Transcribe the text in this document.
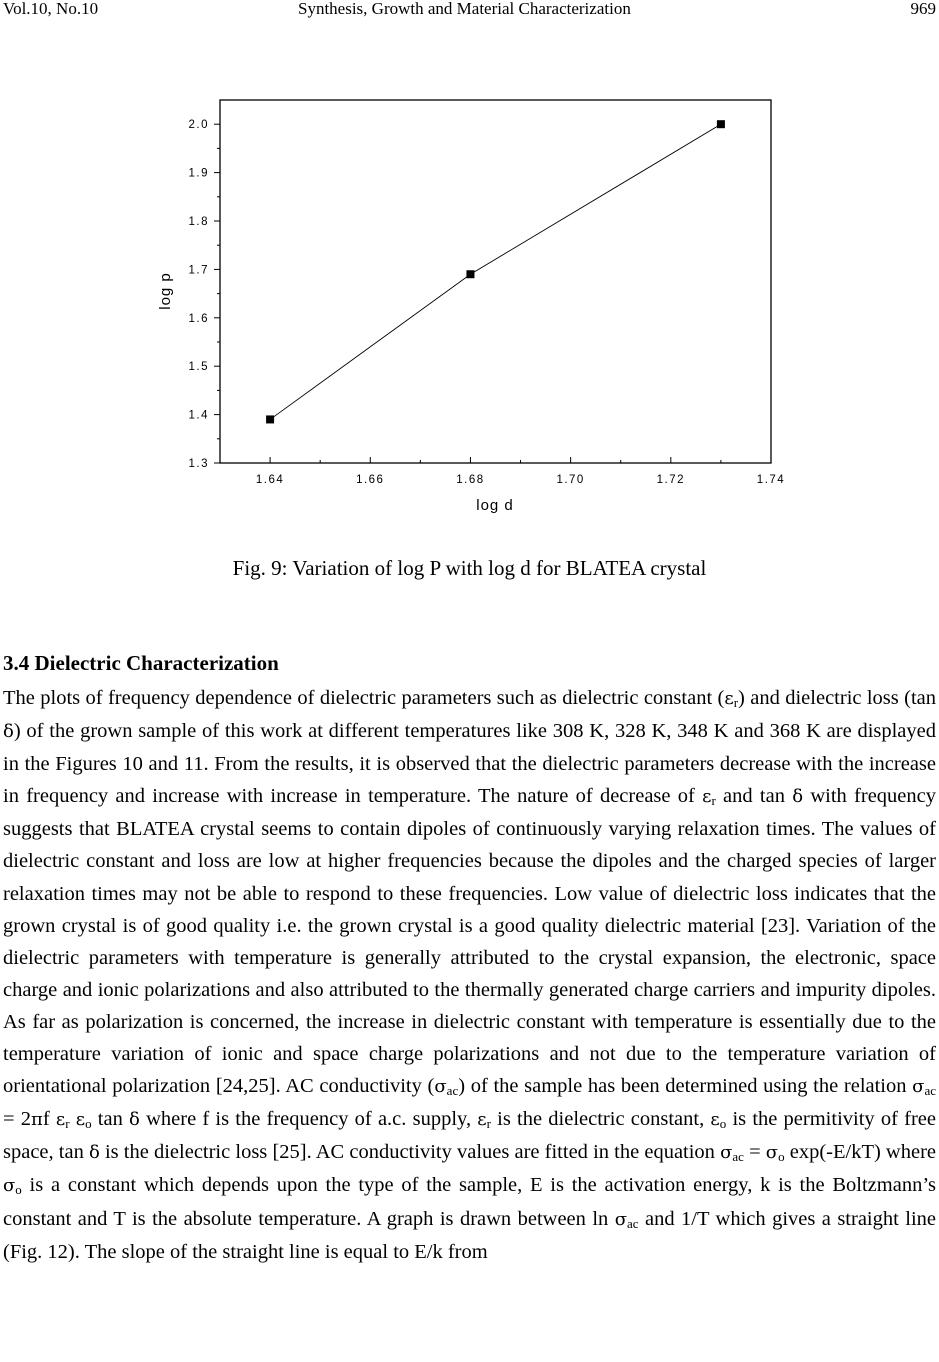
Vol.10, No.10	Synthesis, Growth and Material Characterization	969
1.64	1.66	1.68	1.70	1.72	1.74
1.3
1.4
1.5
1.6
1.7
1.8
1.9
2.0
log d
log p
Fig. 9: Variation of log P with log d for BLATEA crystal
3.4 Dielectric Characterization

The plots of frequency dependence of dielectric parameters such as dielectric constant $(\varepsilon_r)$ and dielectric loss (tan δ) of the grown sample of this work at different temperatures like 308 K, 328 K, 348 K and 368 K are displayed in the Figures 10 and 11. From the results, it is observed that the dielectric parameters decrease with the increase in frequency and increase with increase in temperature. The nature of decrease of $\varepsilon_r$ and tan δ with frequency suggests that BLATEA crystal seems to contain dipoles of continuously varying relaxation times. The values of dielectric constant and loss are low at higher frequencies because the dipoles and the charged species of larger relaxation times may not be able to respond to these frequencies. Low value of dielectric loss indicates that the grown crystal is of good quality i.e. the grown crystal is a good quality dielectric material [23]. Variation of the dielectric parameters with temperature is generally attributed to the crystal expansion, the electronic, space charge and ionic polarizations and also attributed to the thermally generated charge carriers and impurity dipoles. As far as polarization is concerned, the increase in dielectric constant with temperature is essentially due to the temperature variation of ionic and space charge polarizations and not due to the temperature variation of orientational polarization [24,25]. AC conductivity $(\sigma_{ac})$ of the sample has been determined using the relation $\sigma_{ac} = 2\pi f$ $\varepsilon_r$ $\varepsilon_o$ tan δ where f is the frequency of a.c. supply, $\varepsilon_r$ is the dielectric constant, $\varepsilon_o$ is the permitivity of free space, tan δ is the dielectric loss [25]. AC conductivity values are fitted in the equation $\sigma_{ac} = \sigma_o$ exp(-E/kT) where $\sigma_o$ is a constant which depends upon the type of the sample, E is the activation energy, k is the Boltzmann’s constant and T is the absolute temperature. A graph is drawn between $\ln \sigma_{ac}$ and 1/T which gives a straight line (Fig. 12). The slope of the straight line is equal to E/k from
